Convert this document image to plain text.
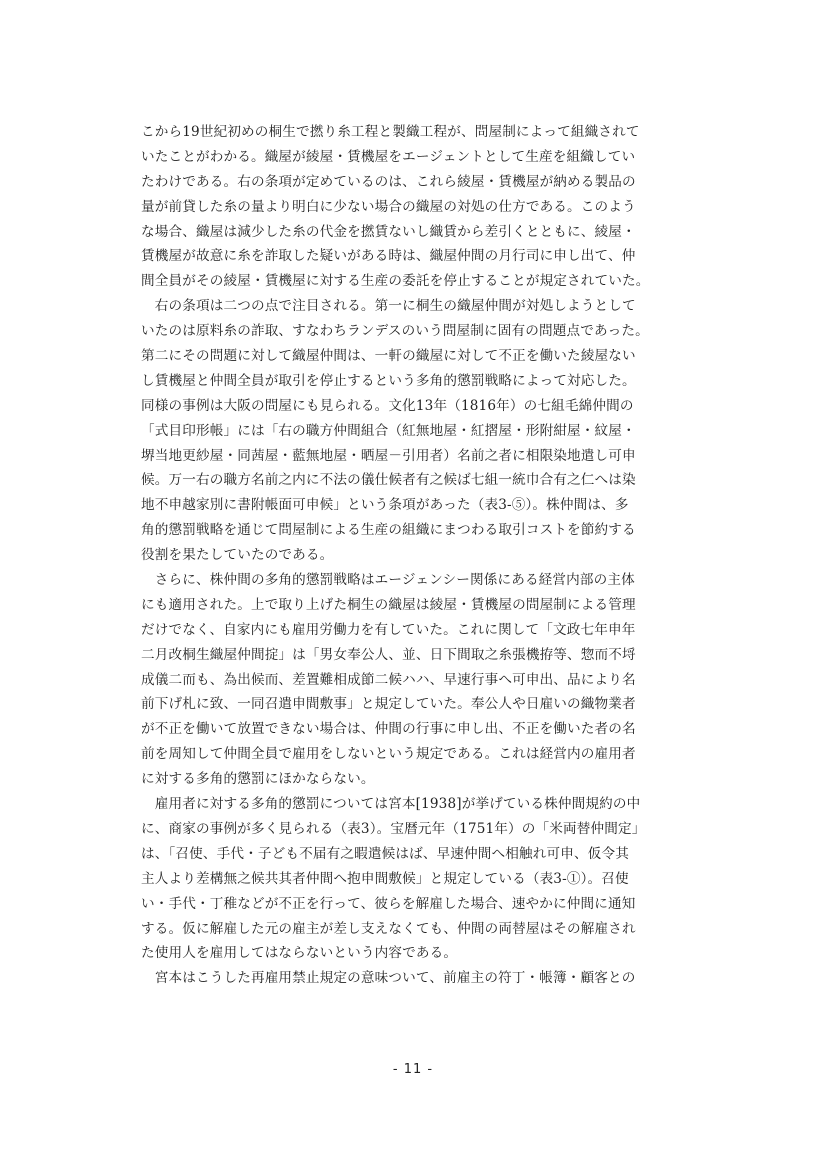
こから19世紀初めの桐生で撚り糸工程と製織工程が、問屋制によって組織されて
いたことがわかる。織屋が綾屋・賃機屋をエージェントとして生産を組織してい
たわけである。右の条項が定めているのは、これら綾屋・賃機屋が納める製品の
量が前貸した糸の量より明白に少ない場合の織屋の対処の仕方である。このよう
な場合、織屋は減少した糸の代金を撚賃ないし織賃から差引くとともに、綾屋・
賃機屋が故意に糸を詐取した疑いがある時は、織屋仲間の月行司に申し出て、仲
間全員がその綾屋・賃機屋に対する生産の委託を停止することが規定されていた。
　右の条項は二つの点で注目される。第一に桐生の織屋仲間が対処しようとして
いたのは原料糸の詐取、すなわちランデスのいう問屋制に固有の問題点であった。
第二にその問題に対して織屋仲間は、一軒の織屋に対して不正を働いた綾屋ない
し賃機屋と仲間全員が取引を停止するという多角的懲罰戦略によって対応した。
同様の事例は大阪の問屋にも見られる。文化13年（1816年）の七組毛綿仲間の
「式目印形帳」には「右の職方仲間組合（紅無地屋・紅摺屋・形附紺屋・紋屋・
堺当地更紗屋・同茜屋・藍無地屋・晒屋－引用者）名前之者に相限染地遣し可申
候。万一右の職方名前之内に不法の儀仕候者有之候ば七組一統巾合有之仁へは染
地不申越家別に書附帳面可申候」という条項があった（表3-⑤）。株仲間は、多
角的懲罰戦略を通じて問屋制による生産の組織にまつわる取引コストを節約する
役割を果たしていたのである。
　さらに、株仲間の多角的懲罰戦略はエージェンシー関係にある経営内部の主体
にも適用された。上で取り上げた桐生の織屋は綾屋・賃機屋の問屋制による管理
だけでなく、自家内にも雇用労働力を有していた。これに関して「文政七年申年
二月改桐生織屋仲間掟」は「男女奉公人、並、日下間取之糸張機拵等、惣而不埒
成儀二而も、為出候而、差置難相成節二候ハハ、早速行事へ可申出、品により名
前下げ札に致、一同召遣申間敷事」と規定していた。奉公人や日雇いの織物業者
が不正を働いて放置できない場合は、仲間の行事に申し出、不正を働いた者の名
前を周知して仲間全員で雇用をしないという規定である。これは経営内の雇用者
に対する多角的懲罰にほかならない。
　雇用者に対する多角的懲罰については宮本[1938]が挙げている株仲間規約の中
に、商家の事例が多く見られる（表3）。宝暦元年（1751年）の「米両替仲間定」
は、「召使、手代・子ども不届有之暇遣候はば、早速仲間へ相触れ可申、仮令其
主人より差構無之候共其者仲間へ抱申間敷候」と規定している（表3-①）。召使
い・手代・丁稚などが不正を行って、彼らを解雇した場合、速やかに仲間に通知
する。仮に解雇した元の雇主が差し支えなくても、仲間の両替屋はその解雇され
た使用人を雇用してはならないという内容である。
　宮本はこうした再雇用禁止規定の意味ついて、前雇主の符丁・帳簿・顧客との
- 11 -
